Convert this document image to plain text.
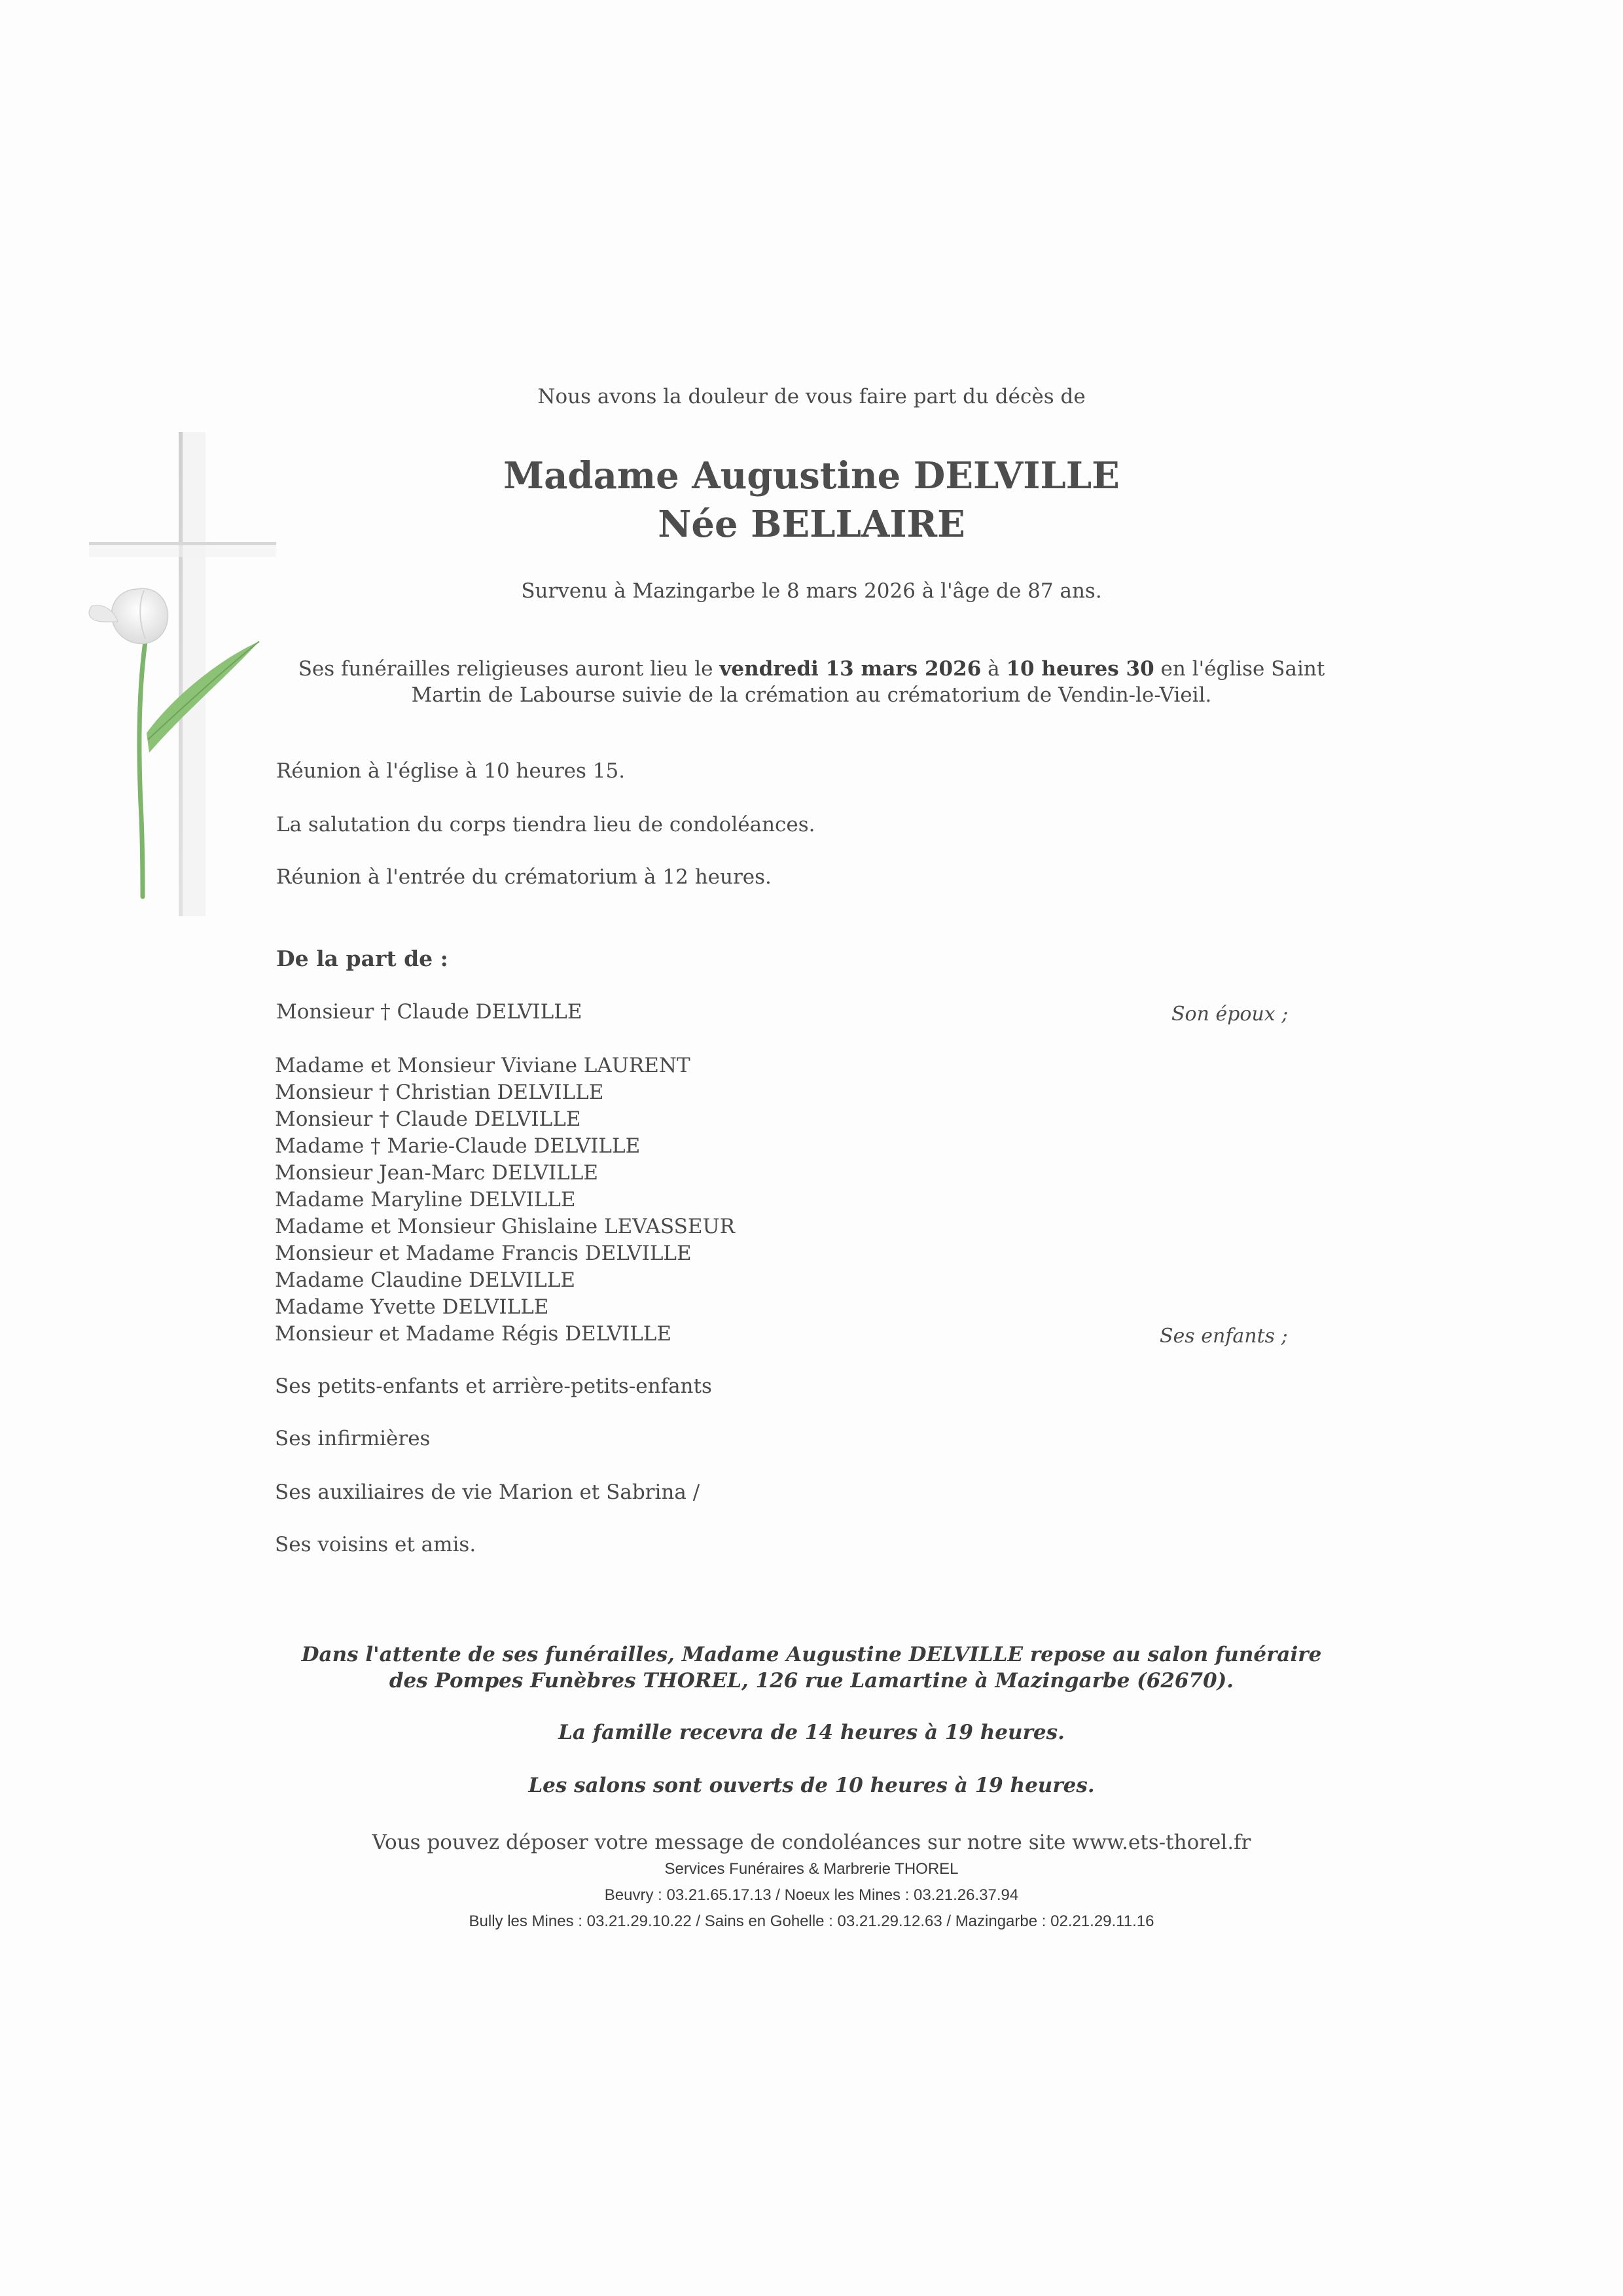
Nous avons la douleur de vous faire part du décès de
Madame Augustine DELVILLE
Née BELLAIRE
Survenu à Mazingarbe le 8 mars 2026 à l'âge de 87 ans.
Ses funérailles religieuses auront lieu le vendredi 13 mars 2026 à 10 heures 30 en l'église Saint
Martin de Labourse suivie de la crémation au crématorium de Vendin-le-Vieil.
Réunion à l'église à 10 heures 15.
La salutation du corps tiendra lieu de condoléances.
Réunion à l'entrée du crématorium à 12 heures.
De la part de :
Monsieur † Claude DELVILLE	Son époux ;
Madame et Monsieur Viviane LAURENT
Monsieur † Christian DELVILLE
Monsieur † Claude DELVILLE
Madame † Marie-Claude DELVILLE
Monsieur Jean-Marc DELVILLE
Madame Maryline DELVILLE
Madame et Monsieur Ghislaine LEVASSEUR
Monsieur et Madame Francis DELVILLE
Madame Claudine DELVILLE
Madame Yvette DELVILLE
Monsieur et Madame Régis DELVILLE	Ses enfants ;
Ses petits-enfants et arrière-petits-enfants
Ses infirmières
Ses auxiliaires de vie Marion et Sabrina /
Ses voisins et amis.
Dans l'attente de ses funérailles, Madame Augustine DELVILLE repose au salon funéraire
des Pompes Funèbres THOREL, 126 rue Lamartine à Mazingarbe (62670).
La famille recevra de 14 heures à 19 heures.
Les salons sont ouverts de 10 heures à 19 heures.
Vous pouvez déposer votre message de condoléances sur notre site www.ets-thorel.fr
Services Funéraires & Marbrerie THOREL
Beuvry : 03.21.65.17.13 / Noeux les Mines : 03.21.26.37.94
Bully les Mines : 03.21.29.10.22 / Sains en Gohelle : 03.21.29.12.63 / Mazingarbe : 02.21.29.11.16
